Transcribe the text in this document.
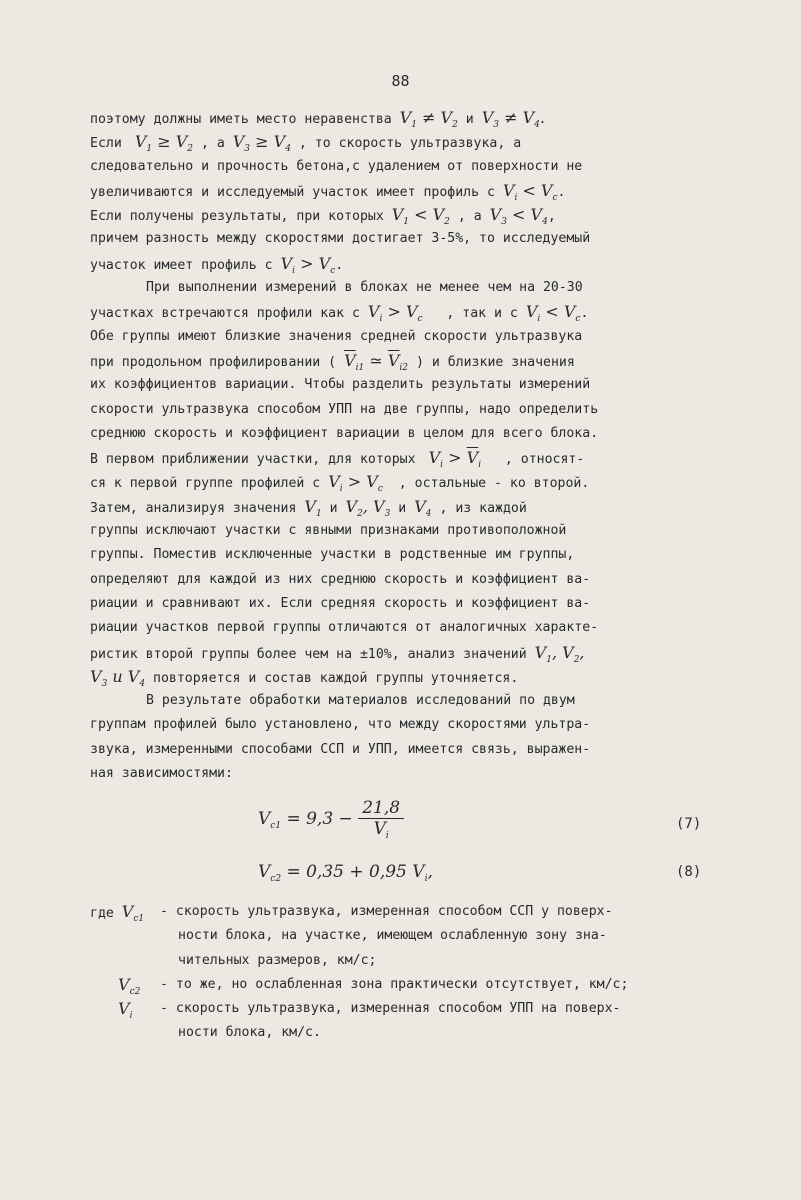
88
поэтому должны иметь место неравенства $V_1 \ne V_2$ и $V_3 \ne V_4$.
Если $V_1 \ge V_2$ , а $V_3 \ge V_4$ , то скорость ультразвука, а
следовательно и прочность бетона,с удалением от поверхности не
увеличиваются и исследуемый участок имеет профиль с $V_i < V_c$.
Если получены результаты, при которых $V_1 < V_2$ , а $V_3 < V_4$,
причем разность между скоростями достигает 3-5%, то исследуемый
участок имеет профиль с $V_i > V_c$.
При выполнении измерений в блоках не менее чем на 20-30
участках встречаются профили как с $V_i > V_c$ , так и с $V_i < V_c$.
Обе группы имеют близкие значения средней скорости ультразвука
при продольном профилировании ( $\overline{V}_{i1}$ ≃ $\overline{V}_{i2}$ ) и близкие значения
их коэффициентов вариации. Чтобы разделить результаты измерений
скорости ультразвука способом УПП на две группы, надо определить
среднюю скорость и коэффициент вариации в целом для всего блока.
В первом приближении участки, для которых $V_i > \overline{V}_i$ , относят-
ся к первой группе профилей с $V_i > V_c$ , остальные - ко второй.
Затем, анализируя значения $V_1$ и $V_2$, $V_3$ и $V_4$ , из каждой
группы исключают участки с явными признаками противоположной
группы. Поместив исключенные участки в родственные им группы,
определяют для каждой из них среднюю скорость и коэффициент ва-
риации и сравнивают их. Если средняя скорость и коэффициент ва-
риации участков первой группы отличаются от аналогичных характе-
ристик второй группы более чем на ±10%, анализ значений $V_1$, $V_2$,
$V_3$ и $V_4$ повторяется и состав каждой группы уточняется.
В результате обработки материалов исследований по двум
группам профилей было установлено, что между скоростями ультра-
звука, измеренными способами ССП и УПП, имеется связь, выражен-
ная зависимостями:
$V_{c1} = 9,3 - \frac{21,8}{V_i}$	(7)
$V_{c2} = 0,35 + 0,95$ $V_i$,	(8)
где $V_{c1}$ - скорость ультразвука, измеренная способом ССП у поверх-
ности блока, на участке, имеющем ослабленную зону зна-
чительных размеров, км/с;
$V_{c2}$ - то же, но ослабленная зона практически отсутствует, км/с;
$V_i$ - скорость ультразвука, измеренная способом УПП на поверх-
ности блока, км/с.
